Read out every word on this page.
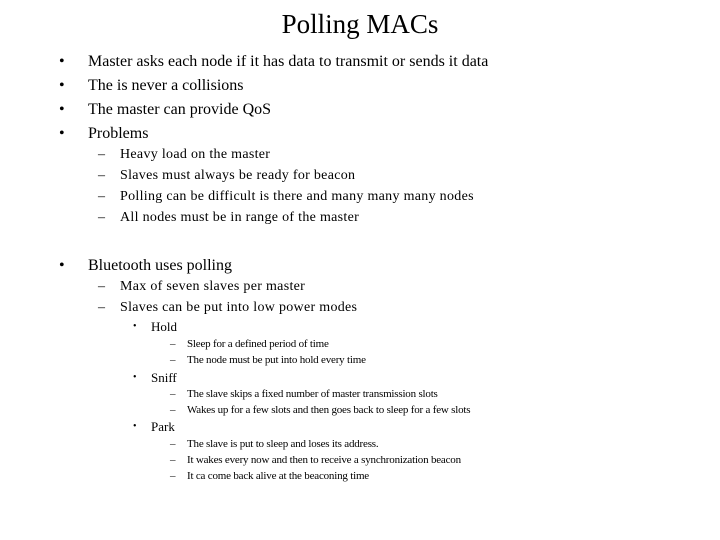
Polling MACs
• Master asks each node if it has data to transmit or sends it data
• The is never a collisions
• The master can provide QoS
• Problems
– Heavy load on the master
– Slaves must always be ready for beacon
– Polling can be difficult is there and many many many nodes
– All nodes must be in range of the master
• Bluetooth uses polling
– Max of seven slaves per master
– Slaves can be put into low power modes
• Hold
– Sleep for a defined period of time
– The node must be put into hold every time
• Sniff
– The slave skips a fixed number of master transmission slots
– Wakes up for a few slots and then goes back to sleep for a few slots
• Park
– The slave is put to sleep and loses its address.
– It wakes every now and then to receive a synchronization beacon
– It ca come back alive at the beaconing time
